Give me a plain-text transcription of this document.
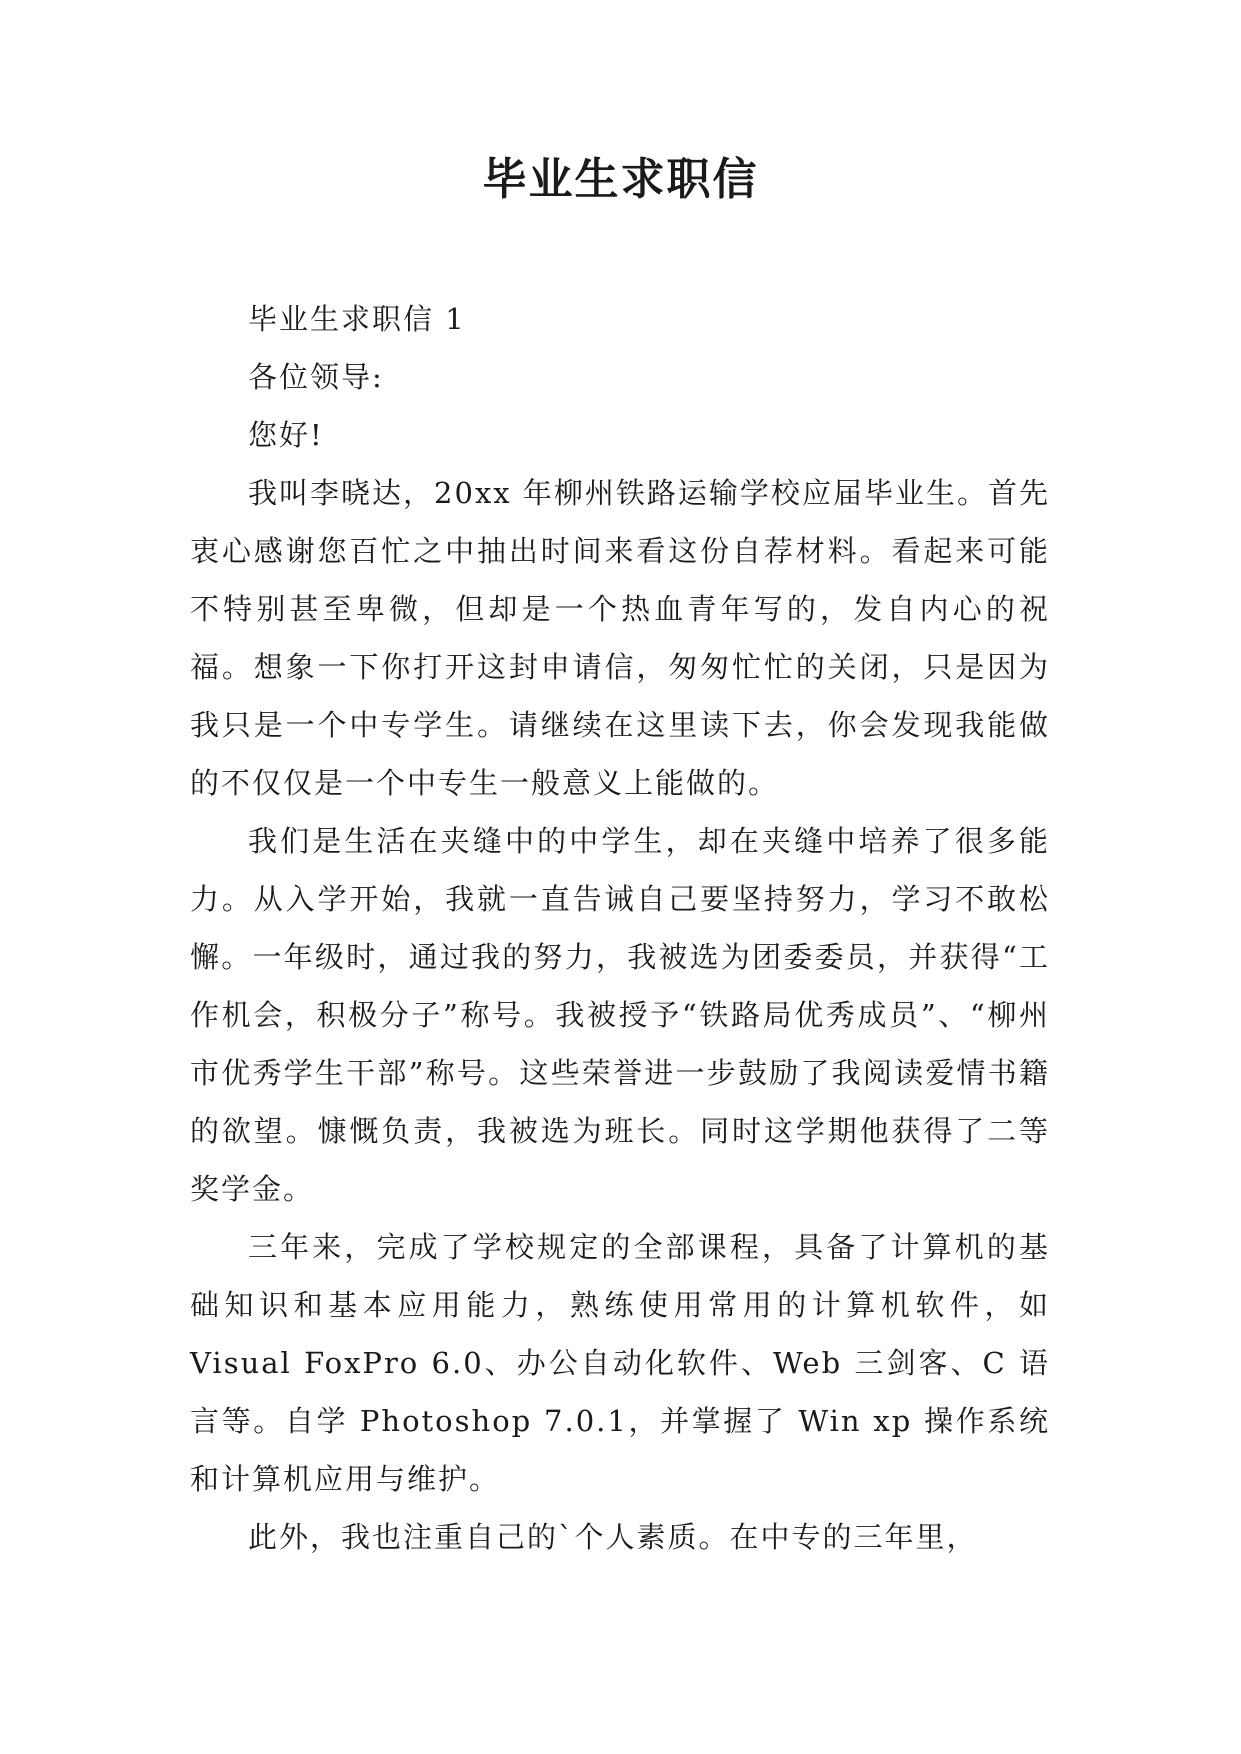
毕业生求职信

毕业生求职信 1

各位领导:

您好!

我叫李晓达，20xx 年柳州铁路运输学校应届毕业生。首先衷心感谢您百忙之中抽出时间来看这份自荐材料。看起来可能不特别甚至卑微，但却是一个热血青年写的，发自内心的祝福。想象一下你打开这封申请信，匆匆忙忙的关闭，只是因为我只是一个中专学生。请继续在这里读下去，你会发现我能做的不仅仅是一个中专生一般意义上能做的。

我们是生活在夹缝中的中学生，却在夹缝中培养了很多能力。从入学开始，我就一直告诫自己要坚持努力，学习不敢松懈。一年级时，通过我的努力，我被选为团委委员，并获得“工作机会，积极分子”称号。我被授予“铁路局优秀成员”、“柳州市优秀学生干部”称号。这些荣誉进一步鼓励了我阅读爱情书籍的欲望。慷慨负责，我被选为班长。同时这学期他获得了二等奖学金。

三年来，完成了学校规定的全部课程，具备了计算机的基础知识和基本应用能力，熟练使用常用的计算机软件，如 Visual FoxPro 6.0、办公自动化软件、Web 三剑客、C 语言等。自学 Photoshop 7.0.1，并掌握了 Win xp 操作系统和计算机应用与维护。

此外，我也注重自己的`个人素质。在中专的三年里，
